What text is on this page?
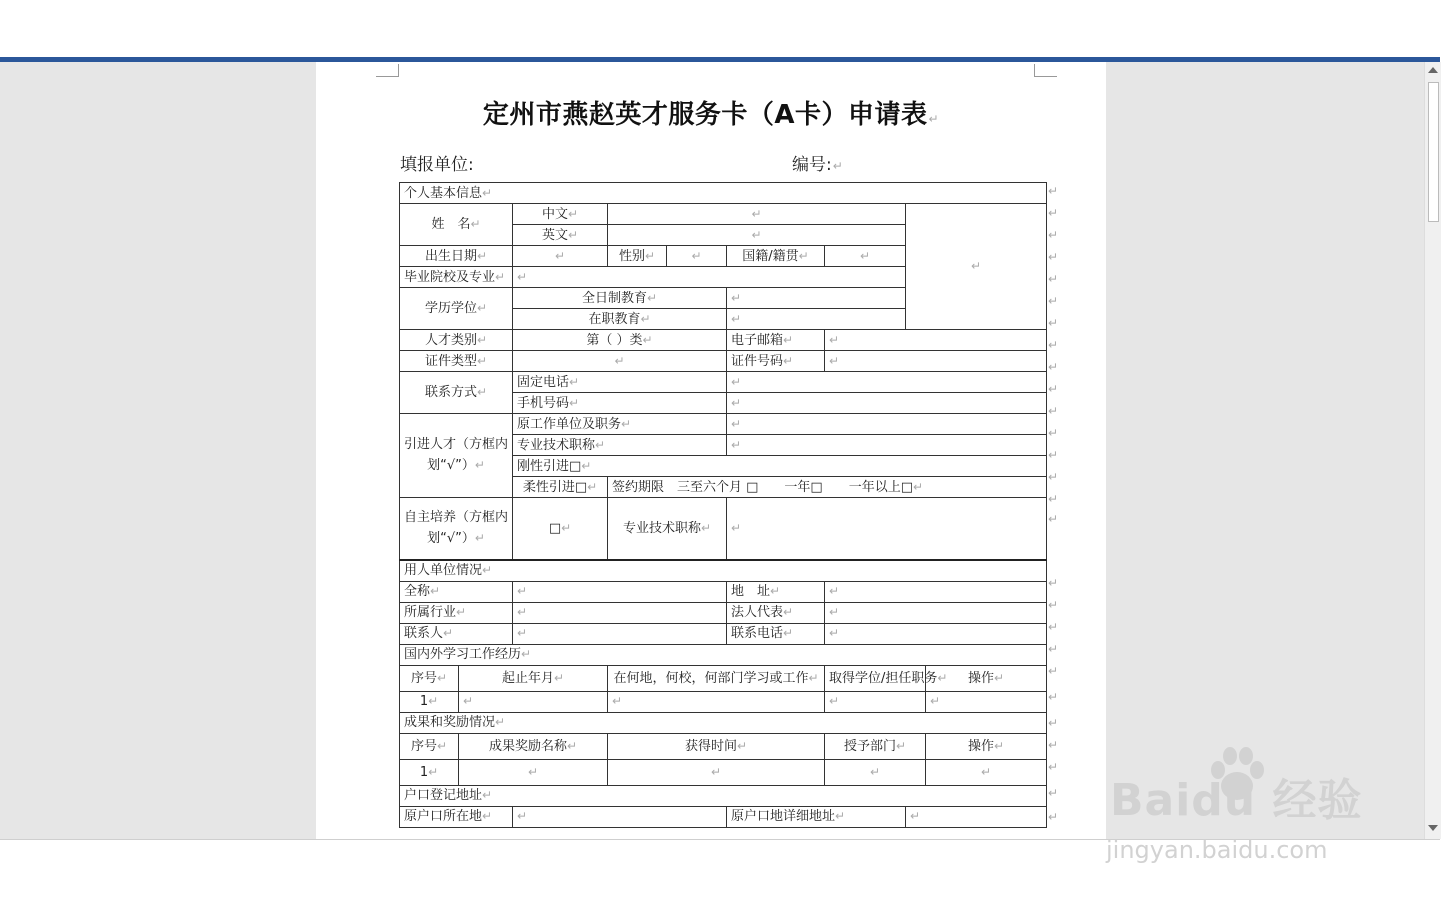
定州市燕赵英才服务卡（A卡）申请表↵
填报单位:	编号:↵
个人基本信息↵								
姓　名↵		中文↵	↵				↵	
		英文↵	↵					
出生日期↵		↵	性别↵	↵	国籍/籍贯↵	↵		
毕业院校及专业↵		↵						
学历学位↵		全日制教育↵			↵			
		在职教育↵			↵			
人才类别↵		第（ ）类↵			电子邮箱↵	↵		
证件类型↵		↵			证件号码↵	↵		
联系方式↵		固定电话↵			↵			
		手机号码↵			↵			
引进人才（方框内划“√”）↵		原工作单位及职务↵			↵			
		专业技术职称↵			↵			
		刚性引进□↵						
		柔性引进□↵	签约期限　三至六个月 □　　一年□　　一年以上□↵					
自主培养（方框内划“√”）↵		□↵	专业技术职称↵		↵			
用人单位情况↵								
全称↵		↵			地　址↵	↵		
所属行业↵		↵			法人代表↵	↵		
联系人↵		↵			联系电话↵	↵		
国内外学习工作经历↵								
序号↵	起止年月↵		在何地，何校，何部门学习或工作↵			取得学位/担任职务↵		操作↵
1↵	↵		↵			↵		↵
成果和奖励情况↵								
序号↵	成果奖励名称↵		获得时间↵			授予部门↵		操作↵
1↵	↵		↵			↵		↵
户口登记地址↵								
原户口所在地↵		↵			原户口地详细地址↵		↵	
↵
↵
↵
↵
↵
↵
↵
↵
↵
↵
↵
↵
↵
↵
↵
↵
↵
↵
↵
↵
↵
↵
↵
↵
↵
↵
↵ Baidu 经验
jingyan.baidu.com
